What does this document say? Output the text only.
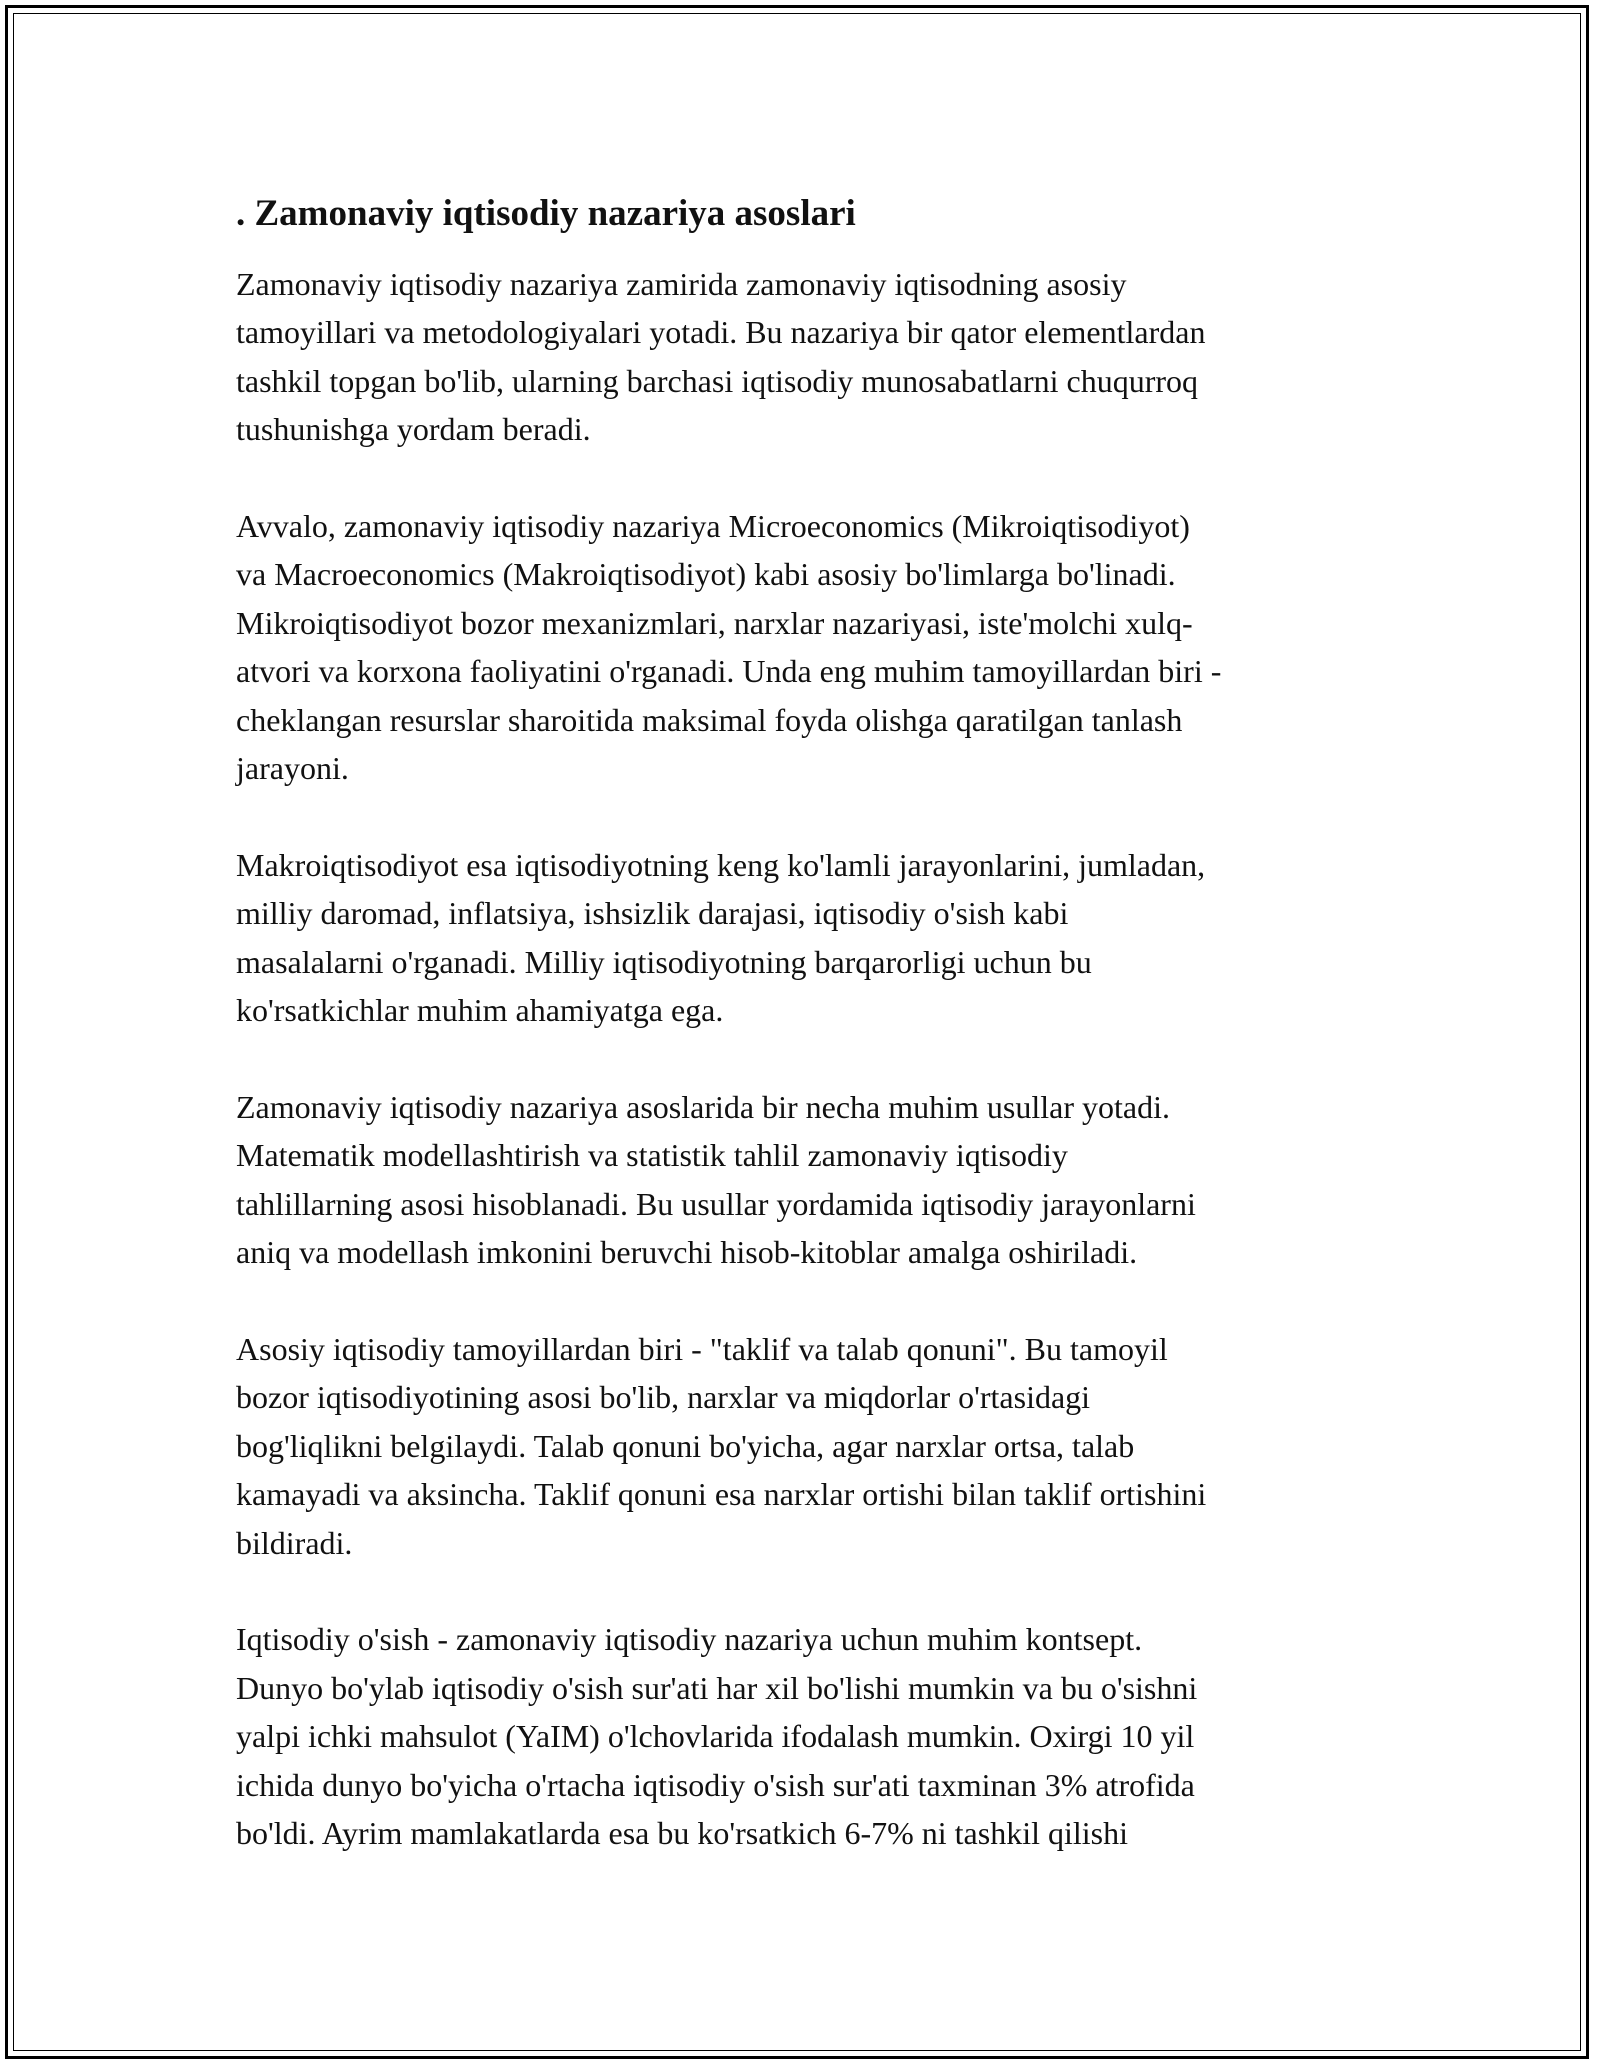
. Zamonaviy iqtisodiy nazariya asoslari
Zamonaviy iqtisodiy nazariya zamirida zamonaviy iqtisodning asosiy
tamoyillari va metodologiyalari yotadi. Bu nazariya bir qator elementlardan
tashkil topgan bo'lib, ularning barchasi iqtisodiy munosabatlarni chuqurroq
tushunishga yordam beradi.
Avvalo, zamonaviy iqtisodiy nazariya Microeconomics (Mikroiqtisodiyot)
va Macroeconomics (Makroiqtisodiyot) kabi asosiy bo'limlarga bo'linadi.
Mikroiqtisodiyot bozor mexanizmlari, narxlar nazariyasi, iste'molchi xulq-
atvori va korxona faoliyatini o'rganadi. Unda eng muhim tamoyillardan biri -
cheklangan resurslar sharoitida maksimal foyda olishga qaratilgan tanlash
jarayoni.
Makroiqtisodiyot esa iqtisodiyotning keng ko'lamli jarayonlarini, jumladan,
milliy daromad, inflatsiya, ishsizlik darajasi, iqtisodiy o'sish kabi
masalalarni o'rganadi. Milliy iqtisodiyotning barqarorligi uchun bu
ko'rsatkichlar muhim ahamiyatga ega.
Zamonaviy iqtisodiy nazariya asoslarida bir necha muhim usullar yotadi.
Matematik modellashtirish va statistik tahlil zamonaviy iqtisodiy
tahlillarning asosi hisoblanadi. Bu usullar yordamida iqtisodiy jarayonlarni
aniq va modellash imkonini beruvchi hisob-kitoblar amalga oshiriladi.
Asosiy iqtisodiy tamoyillardan biri - "taklif va talab qonuni". Bu tamoyil
bozor iqtisodiyotining asosi bo'lib, narxlar va miqdorlar o'rtasidagi
bog'liqlikni belgilaydi. Talab qonuni bo'yicha, agar narxlar ortsa, talab
kamayadi va aksincha. Taklif qonuni esa narxlar ortishi bilan taklif ortishini
bildiradi.
Iqtisodiy o'sish - zamonaviy iqtisodiy nazariya uchun muhim kontsept.
Dunyo bo'ylab iqtisodiy o'sish sur'ati har xil bo'lishi mumkin va bu o'sishni
yalpi ichki mahsulot (YaIM) o'lchovlarida ifodalash mumkin. Oxirgi 10 yil
ichida dunyo bo'yicha o'rtacha iqtisodiy o'sish sur'ati taxminan 3% atrofida
bo'ldi. Ayrim mamlakatlarda esa bu ko'rsatkich 6-7% ni tashkil qilishi
